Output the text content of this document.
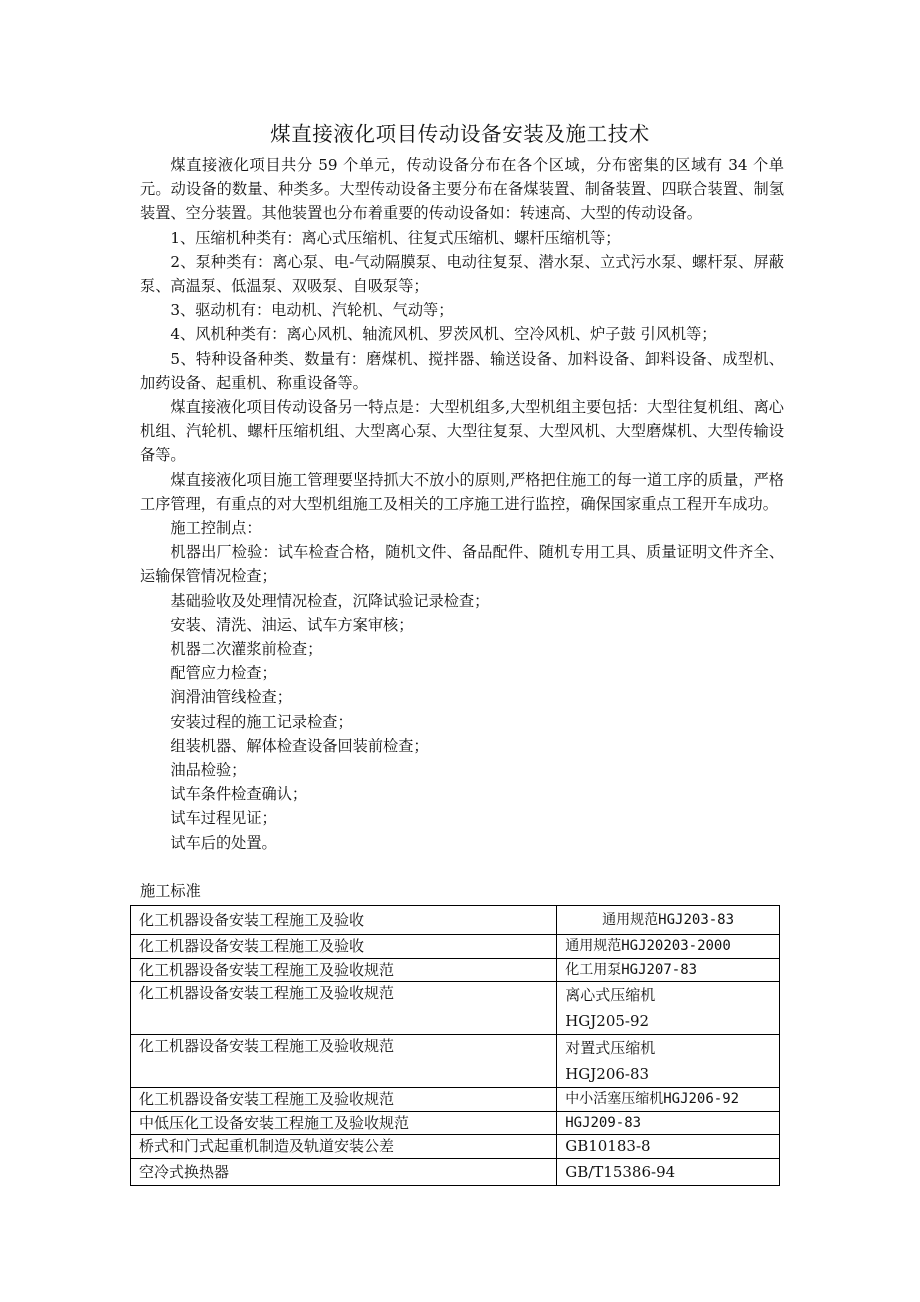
煤直接液化项目传动设备安装及施工技术

煤直接液化项目共分 59 个单元，传动设备分布在各个区域，分布密集的区域有 34 个单元。动设备的数量、种类多。大型传动设备主要分布在备煤装置、制备装置、四联合装置、制氢装置、空分装置。其他装置也分布着重要的传动设备如：转速高、大型的传动设备。

1、压缩机种类有：离心式压缩机、往复式压缩机、螺杆压缩机等；

2、泵种类有：离心泵、电-气动隔膜泵、电动往复泵、潜水泵、立式污水泵、螺杆泵、屏蔽泵、高温泵、低温泵、双吸泵、自吸泵等；

3、驱动机有：电动机、汽轮机、气动等；

4、风机种类有：离心风机、轴流风机、罗茨风机、空冷风机、炉子鼓 引风机等；

5、特种设备种类、数量有：磨煤机、搅拌器、输送设备、加料设备、卸料设备、成型机、加药设备、起重机、称重设备等。

煤直接液化项目传动设备另一特点是：大型机组多,大型机组主要包括：大型往复机组、离心机组、汽轮机、螺杆压缩机组、大型离心泵、大型往复泵、大型风机、大型磨煤机、大型传输设备等。

煤直接液化项目施工管理要坚持抓大不放小的原则,严格把住施工的每一道工序的质量，严格工序管理，有重点的对大型机组施工及相关的工序施工进行监控，确保国家重点工程开车成功。

施工控制点：

机器出厂检验：试车检查合格，随机文件、备品配件、随机专用工具、质量证明文件齐全、运输保管情况检查；

基础验收及处理情况检查，沉降试验记录检查；

安装、清洗、油运、试车方案审核；

机器二次灌浆前检查；

配管应力检查；

润滑油管线检查；

安装过程的施工记录检查；

组装机器、解体检查设备回装前检查；

油品检验；

试车条件检查确认；

试车过程见证；

试车后的处置。

施工标准
化工机器设备安装工程施工及验收	通用规范HGJ203-83
化工机器设备安装工程施工及验收	通用规范HGJ20203-2000
化工机器设备安装工程施工及验收规范	化工用泵HGJ207-83
化工机器设备安装工程施工及验收规范	离心式压缩机
HGJ205-92

化工机器设备安装工程施工及验收规范	对置式压缩机
HGJ206-83

化工机器设备安装工程施工及验收规范	中小活塞压缩机HGJ206-92
中低压化工设备安装工程施工及验收规范	HGJ209-83
桥式和门式起重机制造及轨道安装公差	GB10183-8
空冷式换热器	GB/T15386-94
